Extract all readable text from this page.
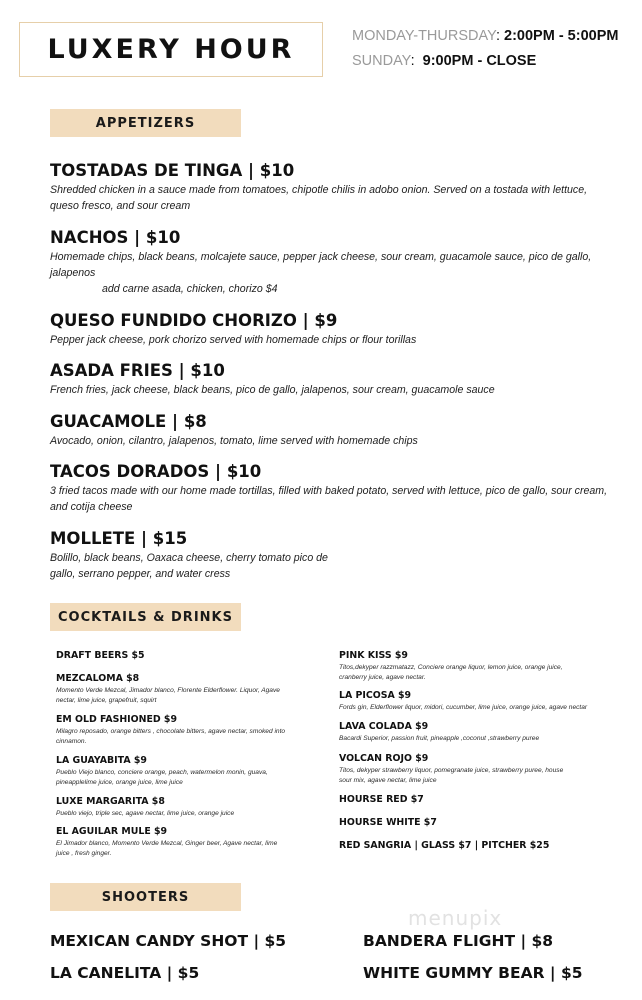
LUXERY HOUR	MONDAY-THURSDAY: 2:00PM - 5:00PM
SUNDAY:  9:00PM - CLOSE
APPETIZERS
TOSTADAS DE TINGA | $10
Shredded chicken in a sauce made from tomatoes, chipotle chilis in adobo onion. Served on a tostada with lettuce, queso fresco, and sour cream
NACHOS | $10
Homemade chips, black beans, molcajete sauce, pepper jack cheese, sour cream, guacamole sauce, pico de gallo, jalapenos
add carne asada, chicken, chorizo $4
QUESO FUNDIDO CHORIZO | $9
Pepper jack cheese, pork chorizo served with homemade chips or flour torillas
ASADA FRIES | $10
French fries, jack cheese, black beans, pico de gallo, jalapenos, sour cream, guacamole sauce
GUACAMOLE | $8
Avocado, onion, cilantro, jalapenos, tomato, lime served with homemade chips
TACOS DORADOS | $10
3 fried tacos made with our home made tortillas, filled with baked potato, served with lettuce, pico de gallo, sour cream, and cotija cheese
MOLLETE | $15
Bolillo, black beans, Oaxaca cheese, cherry tomato pico de gallo, serrano pepper, and water cress
COCKTAILS & DRINKS
DRAFT BEERS $5
MEZCALOMA $8
Momento Verde Mezcal, Jimador blanco, Florente Elderflower. Liquor, Agave nectar, lime juice, grapefruit, squirt
EM OLD FASHIONED $9
Milagro reposado, orange bitters , chocolate bitters, agave nectar, smoked into cinnamon.
LA GUAYABITA $9
Pueblo Viejo blanco, conciere orange, peach, watermelon monin, guava, pineapplelime juice, orange juice, lime juice
LUXE MARGARITA $8
Pueblo viejo, triple sec, agave nectar, lime juice, orange juice
EL AGUILAR MULE $9
El Jimador blanco, Momento Verde Mezcal, Ginger beer, Agave nectar, lime juice , fresh ginger.
PINK KISS $9
Titos,dekyper razzmatazz, Conciere orange liquor, lemon juice, orange juice, cranberry juice, agave nectar.
LA PICOSA $9
Fords gin, Elderflower liquor, midori, cucumber, lime juice, orange juice, agave nectar
LAVA COLADA $9
Bacardi Superior, passion fruit, pineapple ,coconut ,strawberry puree
VOLCAN ROJO $9
Titos, dekyper strawberry liquor, pomegranate juice, strawberry puree, house sour mix, agave nectar, lime juice
HOURSE RED $7
HOURSE WHITE $7
RED SANGRIA | GLASS $7 | PITCHER $25
SHOOTERS
menupix
MEXICAN CANDY SHOT | $5	BANDERA FLIGHT | $8
LA CANELITA | $5	WHITE GUMMY BEAR | $5
